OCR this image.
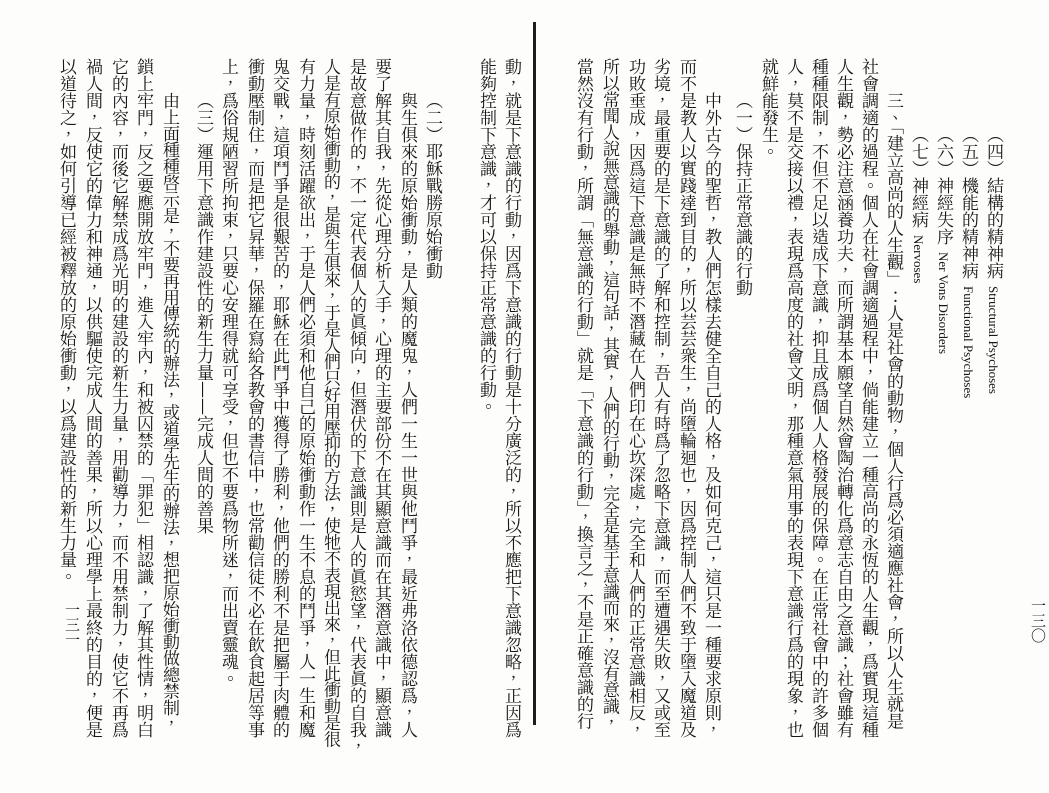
一三〇
（四）結構的精神病Structural Psychoses
（五）機能的精神病Functional Psychoses
（六）神經失序Ner Vons Disorders
（七）神經病Nervoses
三、「建立高尚的人生觀」：人是社會的動物，個人行爲必須適應社會，所以人生就是
社會調適的過程。個人在社會調適過程中，倘能建立一種高尚的永恆的人生觀，爲實現這種
人生觀，勢必注意涵養功夫，而所謂基本願望自然會陶治轉化爲意志自由之意識；社會雖有
種種限制，不但不足以造成下意識，抑且成爲個人人格發展的保障。在正常社會中的許多個
人，莫不是交接以禮，表現爲高度的社會文明，那種意氣用事的表現下意識行爲的現象，也
就鮮能發生。
（一）保持正常意識的行動
中外古今的聖哲，教人們怎樣去健全自己的人格，及如何克己，這只是一種要求原則，
而不是教人以實踐達到目的，所以芸芸衆生，尚墮輪迴也，因爲控制人們不致于墮入魔道及
劣境，最重要的是下意識的了解和控制，吾人有時爲了忽略下意識，而至遭遇失敗，又或至
功敗垂成，因爲這下意識是無時不潛藏在人們印在心坎深處，完全和人們的正常意識相反，
所以常聞人說無意識的舉動，這句話，其實，人們的行動，完全是基于意識而來，沒有意識，
當然沒有行動，所謂「無意識的行動」就是「下意識的行動」，換言之，不是正確意識的行
動，就是下意識的行動，因爲下意識的行動是十分廣泛的，所以不應把下意識忽略，正因爲
能夠控制下意識，才可以保持正常意識的行動。
（二）耶穌戰勝原始衝動
與生俱來的原始衝動，是人類的魔鬼，人們一生一世與他鬥爭，最近弗洛依德認爲，人
要了解其自我，先從心理分析入手，心理的主要部份不在其顯意識而在其潛意識中，顯意識
是故意做作的，不一定代表個人的眞傾向，但潛伏的下意識則是人的眞慾望，代表眞的自我，
人是有原始衝動的，是與生俱來，于是人們只好用壓抑的方法，使牠不表現出來，但此衝動是很
有力量，時刻活躍欲出，于是人們必須和他自己的原始衝動作一生不息的鬥爭，人一生和魔
鬼交戰，這項鬥爭是很艱苦的，耶穌在此鬥爭中獲得了勝利，他們的勝利不是把屬于肉體的
衝動壓制住，而是把它昇華，保羅在寫給各教會的書信中，也常勸信徒不必在飲食起居等事
上，爲俗規陋習所拘束，只要心安理得就可享受，但也不要爲物所迷，而出賣靈魂。
（三）運用下意識作建設性的新生力量——完成人間的善果
由上面種種啓示是，不要再用傳統的辦法，或道學先生的辦法，想把原始衝動做總禁制，
鎖上牢門，反之要應開放牢門，進入牢內，和被囚禁的「罪犯」相認識，了解其性情，明白
它的內容，而後它解禁成爲光明的建設的新生力量，用勸導力，而不用禁制力，使它不再爲
禍人間，反使它的偉力和神通，以供驅使完成人間的善果，所以心理學上最終的目的，便是
以道待之，如何引導已經被釋放的原始衝動，以爲建設性的新生力量。
一三一
